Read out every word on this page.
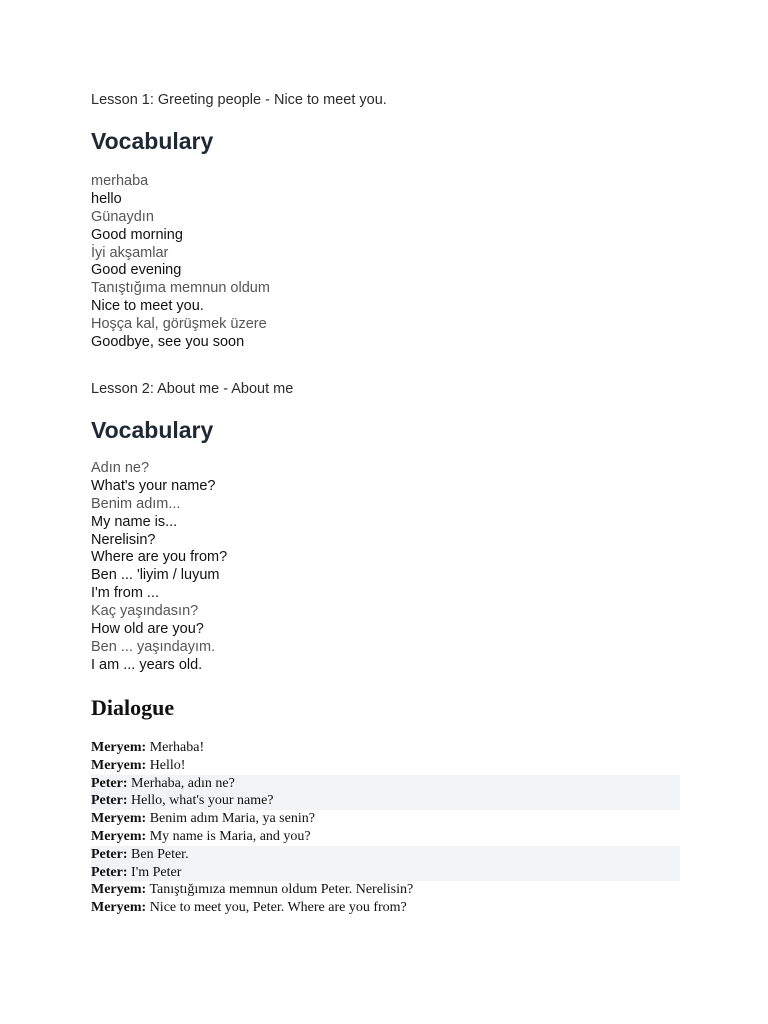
Lesson 1: Greeting people - Nice to meet you.
Vocabulary
merhaba
hello
Günaydın
Good morning
İyi akşamlar
Good evening
Tanıştığıma memnun oldum
Nice to meet you.
Hoşça kal, görüşmek üzere
Goodbye, see you soon
Lesson 2: About me - About me
Vocabulary
Adın ne?
What's your name?
Benim adım...
My name is...
Nerelisin?
Where are you from?
Ben ... 'liyim / luyum
I'm from ...
Kaç yaşındasın?
How old are you?
Ben ... yaşındayım.
I am ... years old.
Dialogue
Meryem: Merhaba!
Meryem: Hello!
Peter: Merhaba, adın ne?
Peter: Hello, what's your name?
Meryem: Benim adım Maria, ya senin?
Meryem: My name is Maria, and you?
Peter: Ben Peter.
Peter: I'm Peter
Meryem: Tanıştığımıza memnun oldum Peter. Nerelisin?
Meryem: Nice to meet you, Peter. Where are you from?
